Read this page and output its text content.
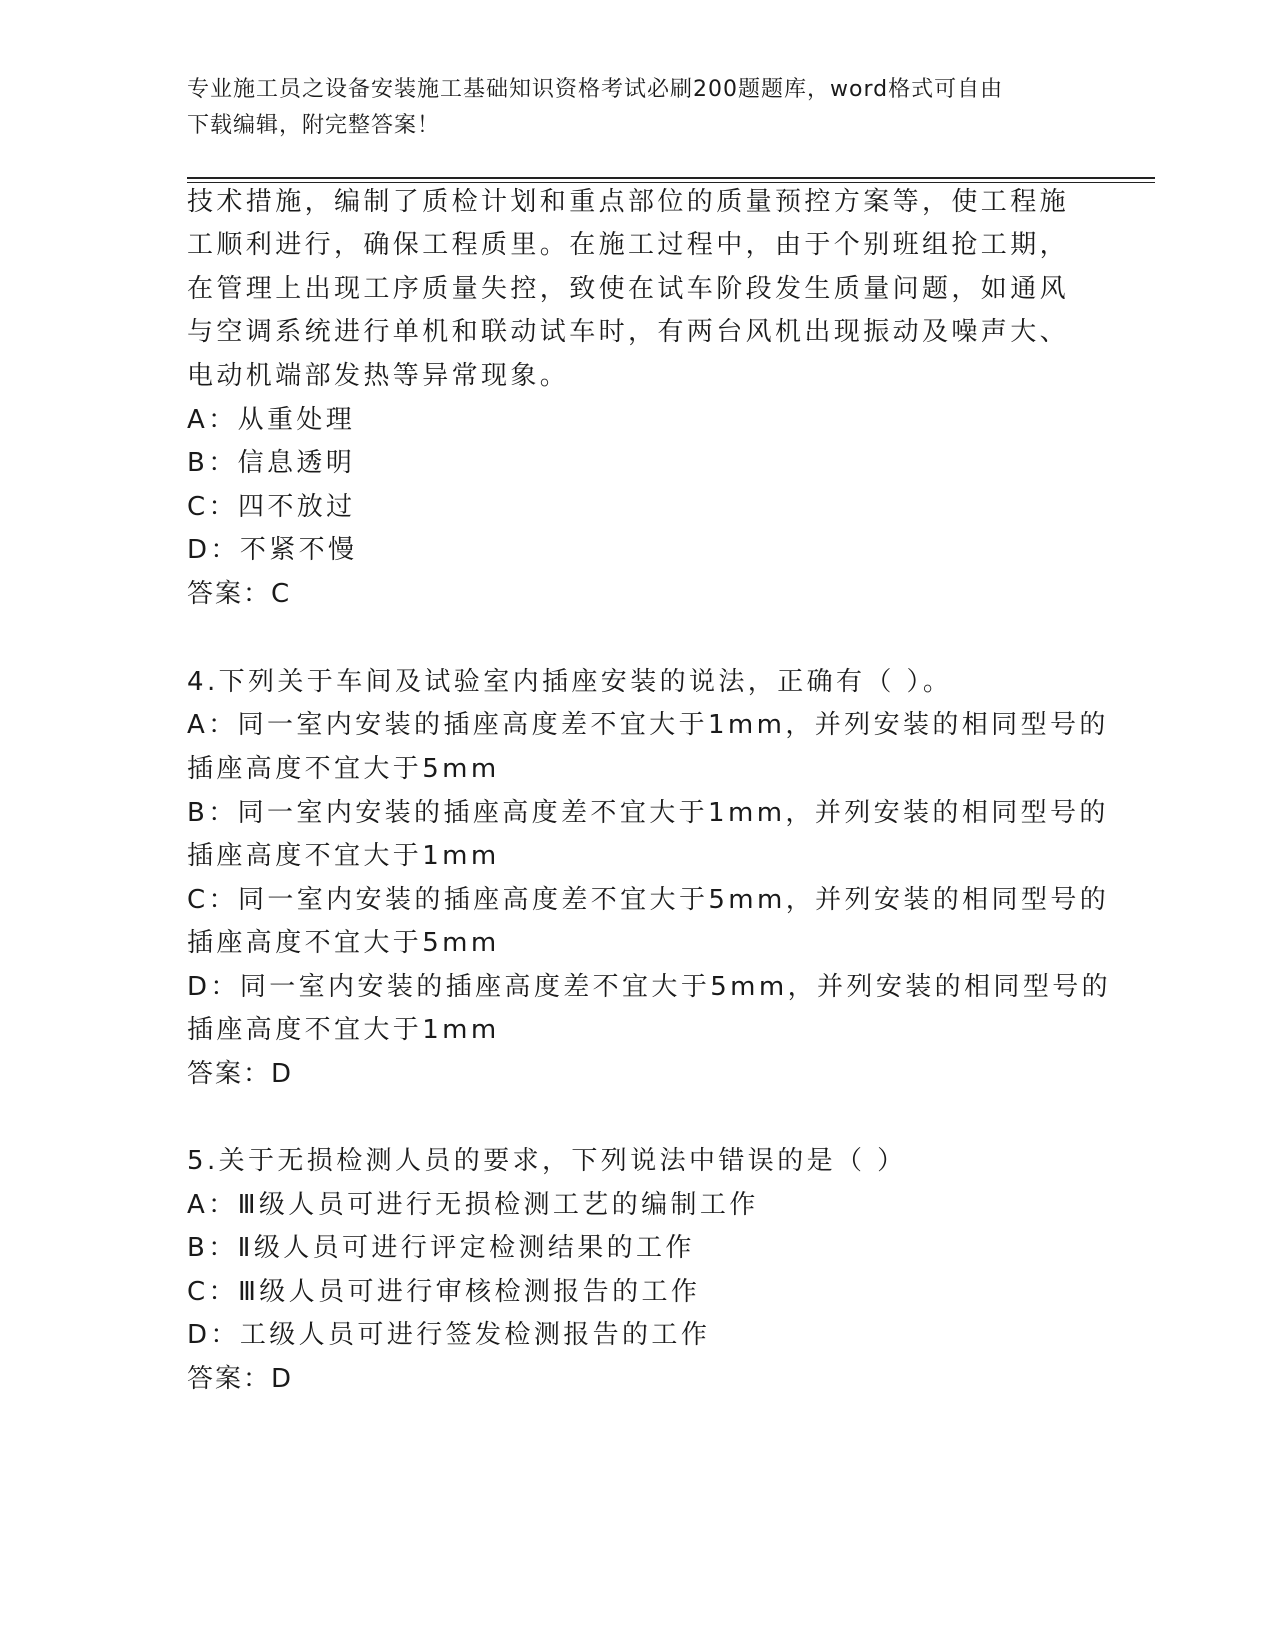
专业施工员之设备安装施工基础知识资格考试必刷200题题库，word格式可自由
下载编辑，附完整答案！
技术措施，编制了质检计划和重点部位的质量预控方案等，使工程施
工顺利进行，确保工程质里。在施工过程中，由于个别班组抢工期，
在管理上出现工序质量失控，致使在试车阶段发生质量问题，如通风
与空调系统进行单机和联动试车时，有两台风机出现振动及噪声大、
电动机端部发热等异常现象。
A：从重处理
B：信息透明
C：四不放过
D：不紧不慢
答案：C
4.下列关于车间及试验室内插座安装的说法，正确有（ ）。
A：同一室内安装的插座高度差不宜大于1mm，并列安装的相同型号的
插座高度不宜大于5mm
B：同一室内安装的插座高度差不宜大于1mm，并列安装的相同型号的
插座高度不宜大于1mm
C：同一室内安装的插座高度差不宜大于5mm，并列安装的相同型号的
插座高度不宜大于5mm
D：同一室内安装的插座高度差不宜大于5mm，并列安装的相同型号的
插座高度不宜大于1mm
答案：D
5.关于无损检测人员的要求，下列说法中错误的是（ ）
A：Ⅲ级人员可进行无损检测工艺的编制工作
B：Ⅱ级人员可进行评定检测结果的工作
C：Ⅲ级人员可进行审核检测报告的工作
D：工级人员可进行签发检测报告的工作
答案：D
